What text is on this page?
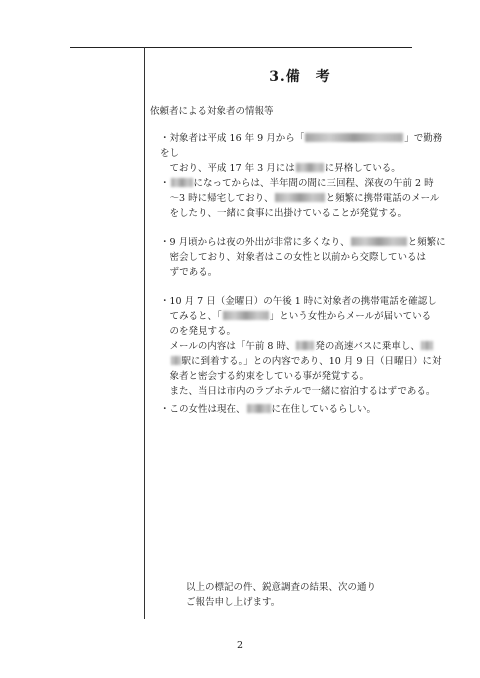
3.備　考
依頼者による対象者の情報等

・対象者は平成 16 年 9 月から「	」で勤務をし

　ており、平成 17 年 3 月には	に昇格している。

・	になってからは、半年間の間に三回程、深夜の午前 2 時

　～3 時に帰宅しており、	と頻繁に携帯電話のメール

　をしたり、一緒に食事に出掛けていることが発覚する。

・9 月頃からは夜の外出が非常に多くなり、	と頻繁に

　密会しており、対象者はこの女性と以前から交際しているは

　ずである。

・10 月 7 日（金曜日）の午後 1 時に対象者の携帯電話を確認し

　てみると、「	」という女性からメールが届いている

　のを発見する。

　メールの内容は「午前 8 時、 発の高速バスに乗車し、

　駅に到着する。」との内容であり、10 月 9 日（日曜日）に対

　象者と密会する約束をしている事が発覚する。

　また、当日は市内のラブホテルで一緒に宿泊するはずである。

・この女性は現在、	に在住しているらしい。

以上の標記の件、鋭意調査の結果、次の通り

ご報告申し上げます。

2
